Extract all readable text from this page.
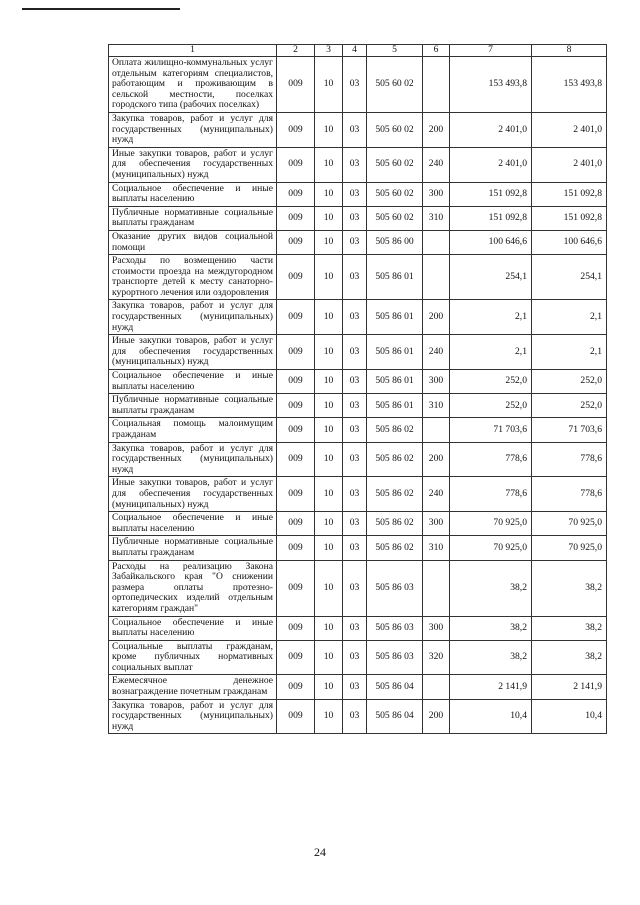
1	2	3	4	5	6	7	8
Оплата жилищно-коммунальных услуг отдельным категориям специалистов, работающим и проживающим в сельской местности, поселках городского типа (рабочих поселках)	009	10	03	505 60 02		153 493,8	153 493,8
Закупка товаров, работ и услуг для государственных (муниципальных) нужд	009	10	03	505 60 02	200	2 401,0	2 401,0
Иные закупки товаров, работ и услуг для обеспечения государственных (муниципальных) нужд	009	10	03	505 60 02	240	2 401,0	2 401,0
Социальное обеспечение и иные выплаты населению	009	10	03	505 60 02	300	151 092,8	151 092,8
Публичные нормативные социальные выплаты гражданам	009	10	03	505 60 02	310	151 092,8	151 092,8
Оказание других видов социальной помощи	009	10	03	505 86 00		100 646,6	100 646,6
Расходы по возмещению части стоимости проезда на междугородном транспорте детей к месту санаторно-курортного лечения или оздоровления	009	10	03	505 86 01		254,1	254,1
Закупка товаров, работ и услуг для государственных (муниципальных) нужд	009	10	03	505 86 01	200	2,1	2,1
Иные закупки товаров, работ и услуг для обеспечения государственных (муниципальных) нужд	009	10	03	505 86 01	240	2,1	2,1
Социальное обеспечение и иные выплаты населению	009	10	03	505 86 01	300	252,0	252,0
Публичные нормативные социальные выплаты гражданам	009	10	03	505 86 01	310	252,0	252,0
Социальная помощь малоимущим гражданам	009	10	03	505 86 02		71 703,6	71 703,6
Закупка товаров, работ и услуг для государственных (муниципальных) нужд	009	10	03	505 86 02	200	778,6	778,6
Иные закупки товаров, работ и услуг для обеспечения государственных (муниципальных) нужд	009	10	03	505 86 02	240	778,6	778,6
Социальное обеспечение и иные выплаты населению	009	10	03	505 86 02	300	70 925,0	70 925,0
Публичные нормативные социальные выплаты гражданам	009	10	03	505 86 02	310	70 925,0	70 925,0
Расходы на реализацию Закона Забайкальского края "О снижении размера оплаты протезно-ортопедических изделий отдельным категориям граждан"	009	10	03	505 86 03		38,2	38,2
Социальное обеспечение и иные выплаты населению	009	10	03	505 86 03	300	38,2	38,2
Социальные выплаты гражданам, кроме публичных нормативных социальных выплат	009	10	03	505 86 03	320	38,2	38,2
Ежемесячное денежное вознаграждение почетным гражданам	009	10	03	505 86 04		2 141,9	2 141,9
Закупка товаров, работ и услуг для государственных (муниципальных) нужд	009	10	03	505 86 04	200	10,4	10,4
24
